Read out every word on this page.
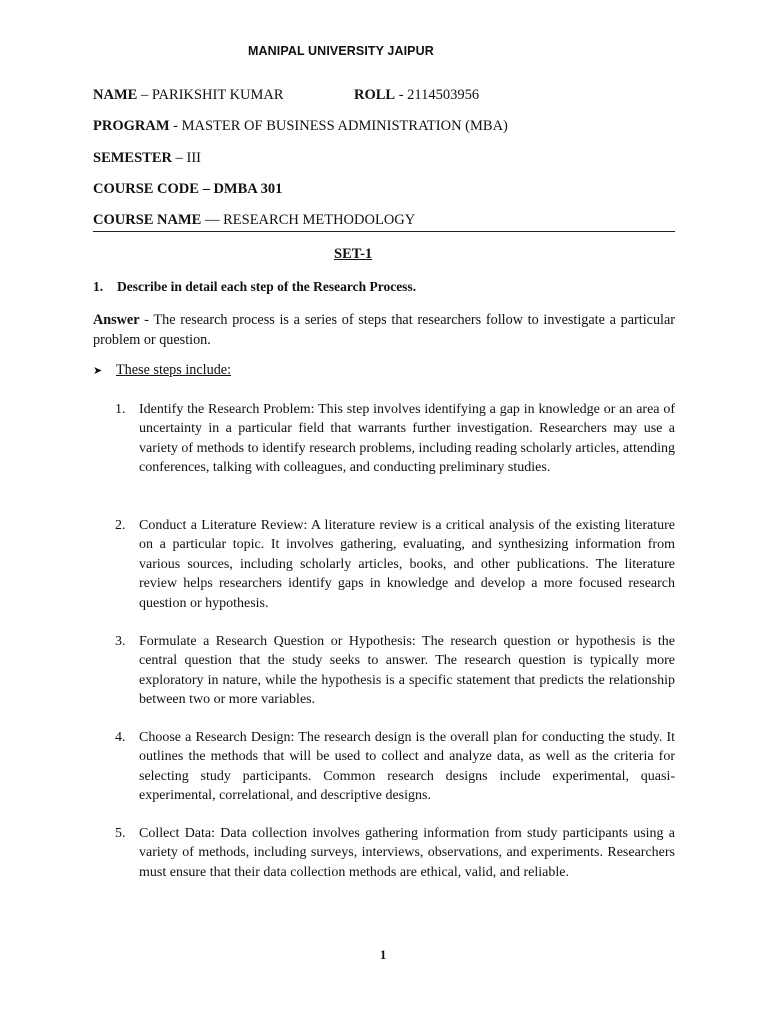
MANIPAL UNIVERSITY JAIPUR
NAME – PARIKSHIT KUMAR	ROLL - 2114503956
PROGRAM - MASTER OF BUSINESS ADMINISTRATION (MBA)
SEMESTER – III
COURSE CODE – DMBA 301
COURSE NAME — RESEARCH METHODOLOGY
SET-1
1. Describe in detail each step of the Research Process.
Answer - The research process is a series of steps that researchers follow to investigate a particular problem or question.
➤ These steps include:
1. Identify the Research Problem: This step involves identifying a gap in knowledge or an area of uncertainty in a particular field that warrants further investigation. Researchers may use a variety of methods to identify research problems, including reading scholarly articles, attending conferences, talking with colleagues, and conducting preliminary studies.
2. Conduct a Literature Review: A literature review is a critical analysis of the existing literature on a particular topic. It involves gathering, evaluating, and synthesizing information from various sources, including scholarly articles, books, and other publications. The literature review helps researchers identify gaps in knowledge and develop a more focused research question or hypothesis.
3. Formulate a Research Question or Hypothesis: The research question or hypothesis is the central question that the study seeks to answer. The research question is typically more exploratory in nature, while the hypothesis is a specific statement that predicts the relationship between two or more variables.
4. Choose a Research Design: The research design is the overall plan for conducting the study. It outlines the methods that will be used to collect and analyze data, as well as the criteria for selecting study participants. Common research designs include experimental, quasi-experimental, correlational, and descriptive designs.
5. Collect Data: Data collection involves gathering information from study participants using a variety of methods, including surveys, interviews, observations, and experiments. Researchers must ensure that their data collection methods are ethical, valid, and reliable.
1
